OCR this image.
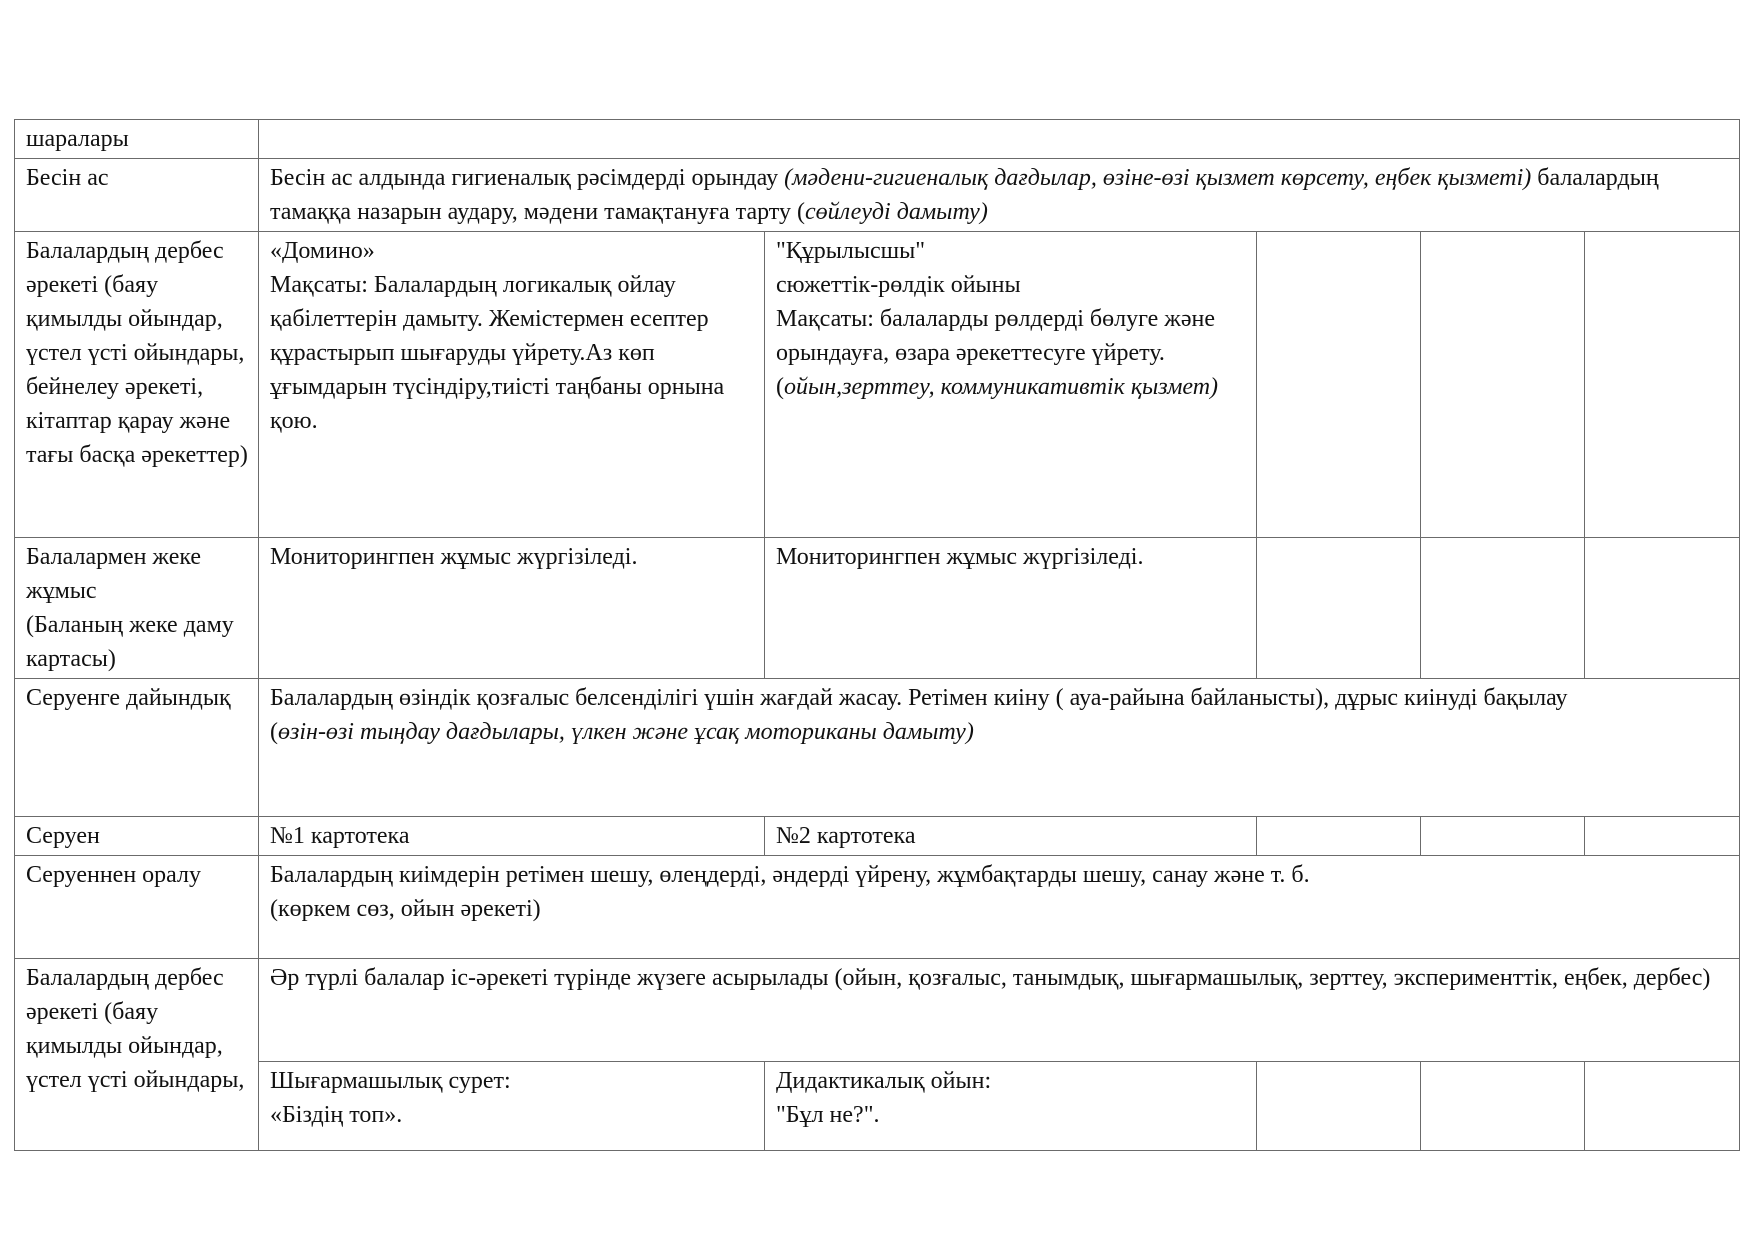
шаралары					
Бесін ас	Бесін ас алдында гигиеналық рәсімдерді орындау (мәдени-гигиеналық дағдылар, өзіне-өзі қызмет көрсету, еңбек қызметі) балалардың тамаққа назарын аудару, мәдени тамақтануға тарту (сөйлеуді дамыту)				
Балалардың дербес әрекеті (баяу қимылды ойындар, үстел үсті ойындары, бейнелеу әрекеті, кітаптар қарау және тағы басқа әрекеттер)	«Домино»
Мақсаты: Балалардың логикалық ойлау қабілеттерін дамыту. Жемістермен есептер құрастырып шығаруды үйрету.Аз көп ұғымдарын түсіндіру,тиісті таңбаны орнына қою.	"Құрылысшы"
сюжеттік-рөлдік ойыны
Мақсаты: балаларды рөлдерді бөлуге және орындауға, өзара әрекеттесуге үйрету.
(ойын,зерттеу, коммуникативтік қызмет)			
Балалармен жеке жұмыс
(Баланың жеке даму картасы)	Мониторингпен жұмыс жүргізіледі.	Мониторингпен жұмыс жүргізіледі.			
Серуенге дайындық	Балалардың өзіндік қозғалыс белсенділігі үшін жағдай жасау. Ретімен киіну ( ауа-райына байланысты), дұрыс киінуді бақылау
(өзін-өзі тыңдау дағдылары, үлкен және ұсақ моториканы дамыту)				
Серуен	№1 картотека	№2 картотека			
Серуеннен оралу	Балалардың киімдерін ретімен шешу, өлеңдерді, әндерді үйрену, жұмбақтарды шешу, санау және т. б.
(көркем сөз, ойын әрекеті)				
Балалардың дербес әрекеті (баяу қимылды ойындар, үстел үсті ойындары,	Әр түрлі балалар іс-әрекеті түрінде жүзеге асырылады (ойын, қозғалыс, танымдық, шығармашылық, зерттеу, эксперименттік, еңбек, дербес)				
	Шығармашылық сурет:
«Біздің топ».	Дидактикалық ойын:
"Бұл не?".			
